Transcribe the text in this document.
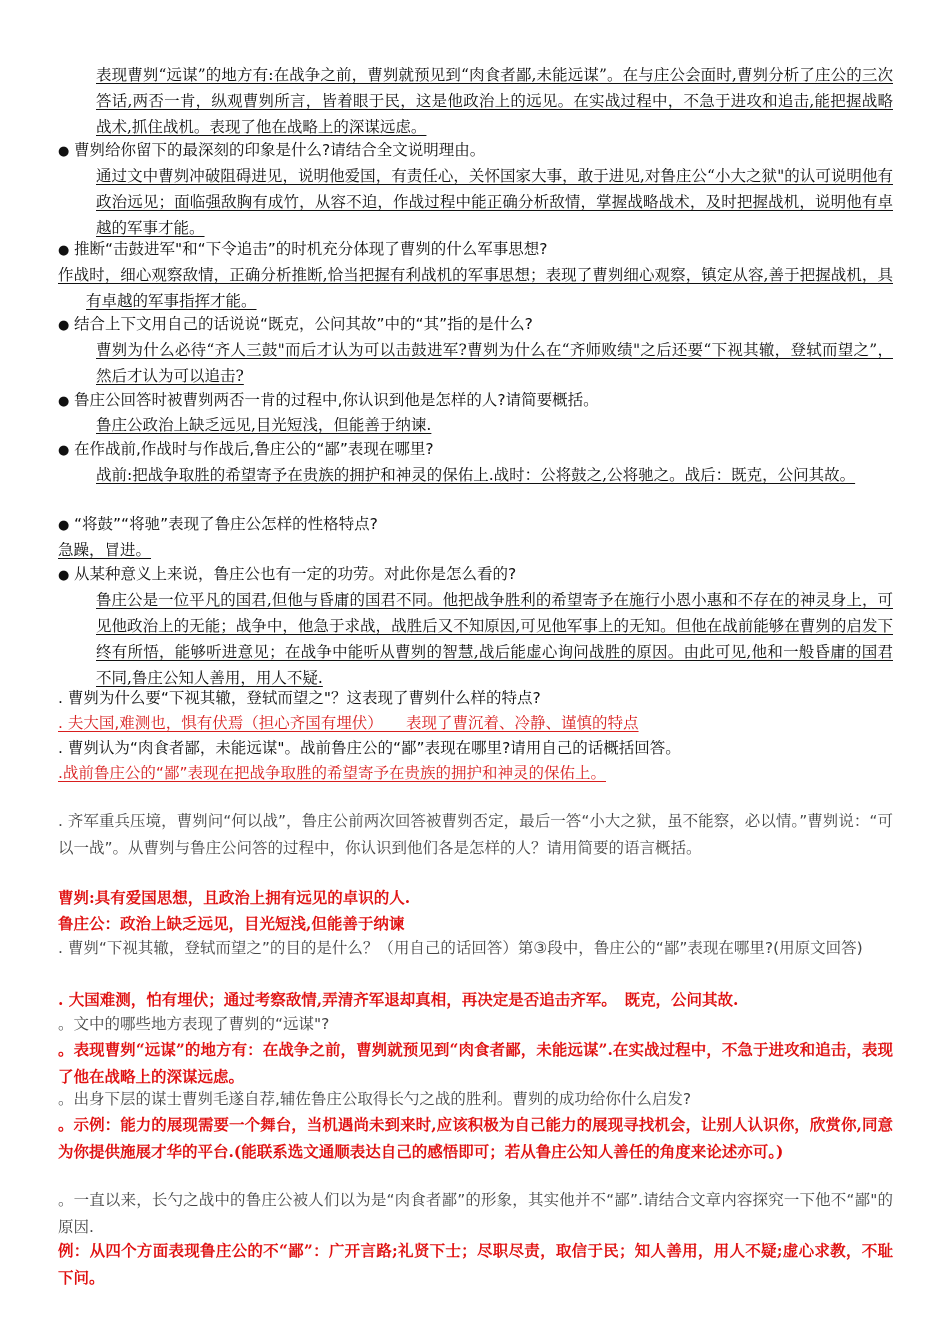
表现曹刿“远谋”的地方有:在战争之前，曹刿就预见到“肉食者鄙,未能远谋”。在与庄公会面时,曹刿分析了庄公的三次答话,两否一肯，纵观曹刿所言，皆着眼于民，这是他政治上的远见。在实战过程中，不急于进攻和追击,能把握战略战术,抓住战机。表现了他在战略上的深谋远虑。
● 曹刿给你留下的最深刻的印象是什么?请结合全文说明理由。
通过文中曹刿冲破阻碍进见，说明他爱国，有责任心，关怀国家大事，敢于进见,对鲁庄公“小大之狱"的认可说明他有政治远见；面临强敌胸有成竹，从容不迫，作战过程中能正确分析敌情，掌握战略战术，及时把握战机，说明他有卓越的军事才能。
● 推断“击鼓进军"和“下令追击”的时机充分体现了曹刿的什么军事思想?
作战时，细心观察敌情，正确分析推断,恰当把握有利战机的军事思想；表现了曹刿细心观察，镇定从容,善于把握战机，具有卓越的军事指挥才能。
● 结合上下文用自己的话说说“既克，公问其故”中的“其”指的是什么?
曹刿为什么必待“齐人三鼓"而后才认为可以击鼓进军?曹刿为什么在“齐师败绩"之后还要“下视其辙，登轼而望之”，然后才认为可以追击?
● 鲁庄公回答时被曹刿两否一肯的过程中,你认识到他是怎样的人?请简要概括。
鲁庄公政治上缺乏远见,目光短浅，但能善于纳谏.
● 在作战前,作战时与作战后,鲁庄公的“鄙”表现在哪里?
战前:把战争取胜的希望寄予在贵族的拥护和神灵的保佑上.战时：公将鼓之,公将驰之。战后：既克，公问其故。
● “将鼓”“将驰”表现了鲁庄公怎样的性格特点?
急躁，冒进。
● 从某种意义上来说，鲁庄公也有一定的功劳。对此你是怎么看的?
鲁庄公是一位平凡的国君,但他与昏庸的国君不同。他把战争胜利的希望寄予在施行小恩小惠和不存在的神灵身上，可见他政治上的无能；战争中，他急于求战，战胜后又不知原因,可见他军事上的无知。但他在战前能够在曹刿的启发下终有所悟，能够听进意见；在战争中能听从曹刿的智慧,战后能虚心询问战胜的原因。由此可见,他和一般昏庸的国君不同,鲁庄公知人善用，用人不疑.
. 曹刿为什么要“下视其辙，登轼而望之"？这表现了曹刿什么样的特点?
. 夫大国,难测也，惧有伏焉（担心齐国有埋伏）　　表现了曹沉着、冷静、谨慎的特点
. 曹刿认为“肉食者鄙，未能远谋"。战前鲁庄公的“鄙”表现在哪里?请用自己的话概括回答。
.战前鲁庄公的“鄙”表现在把战争取胜的希望寄予在贵族的拥护和神灵的保佑上。
. 齐军重兵压境，曹刿问“何以战”，鲁庄公前两次回答被曹刿否定，最后一答“小大之狱，虽不能察，必以情。”曹刿说：“可以一战”。从曹刿与鲁庄公问答的过程中，你认识到他们各是怎样的人？请用简要的语言概括。
曹刿:具有爱国思想，且政治上拥有远见的卓识的人.
鲁庄公：政治上缺乏远见，目光短浅,但能善于纳谏
. 曹刿“下视其辙，登轼而望之”的目的是什么？（用自己的话回答）第③段中，鲁庄公的“鄙”表现在哪里?(用原文回答)
. 大国难测，怕有埋伏；通过考察敌情,弄清齐军退却真相，再决定是否追击齐军。　既克，公问其故.
。文中的哪些地方表现了曹刿的“远谋"?
。表现曹刿“远谋”的地方有：在战争之前，曹刿就预见到“肉食者鄙，未能远谋”.在实战过程中，不急于进攻和追击，表现了他在战略上的深谋远虑。
。出身下层的谋士曹刿毛遂自荐,辅佐鲁庄公取得长勺之战的胜利。曹刿的成功给你什么启发?
。示例：能力的展现需要一个舞台，当机遇尚未到来时,应该积极为自己能力的展现寻找机会，让别人认识你，欣赏你,同意为你提供施展才华的平台.(能联系选文通顺表达自己的感悟即可；若从鲁庄公知人善任的角度来论述亦可。)
。一直以来，长勺之战中的鲁庄公被人们以为是“肉食者鄙”的形象，其实他并不“鄙”.请结合文章内容探究一下他不“鄙"的原因.
例：从四个方面表现鲁庄公的不“鄙”：广开言路;礼贤下士；尽职尽责，取信于民；知人善用，用人不疑;虚心求教，不耻下问。
